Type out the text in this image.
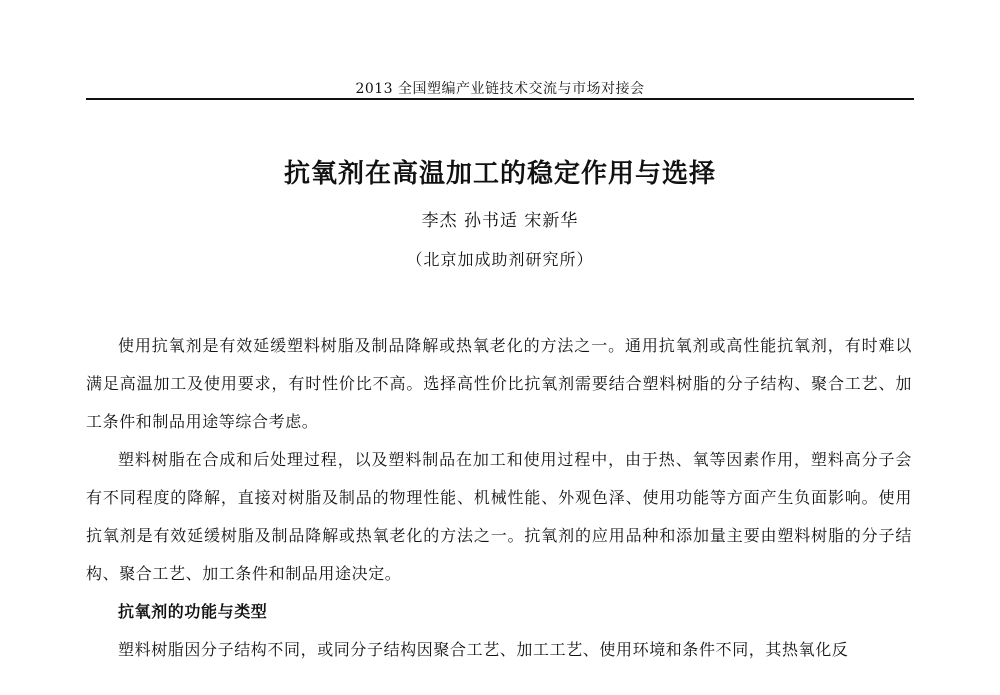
2013 全国塑编产业链技术交流与市场对接会
抗氧剂在高温加工的稳定作用与选择
李杰 孙书适 宋新华
（北京加成助剂研究所）

使用抗氧剂是有效延缓塑料树脂及制品降解或热氧老化的方法之一。通用抗氧剂或高性能抗氧剂，有时难以满足高温加工及使用要求，有时性价比不高。选择高性价比抗氧剂需要结合塑料树脂的分子结构、聚合工艺、加工条件和制品用途等综合考虑。

塑料树脂在合成和后处理过程，以及塑料制品在加工和使用过程中，由于热、氧等因素作用，塑料高分子会有不同程度的降解，直接对树脂及制品的物理性能、机械性能、外观色泽、使用功能等方面产生负面影响。使用抗氧剂是有效延缓树脂及制品降解或热氧老化的方法之一。抗氧剂的应用品种和添加量主要由塑料树脂的分子结构、聚合工艺、加工条件和制品用途决定。

抗氧剂的功能与类型

塑料树脂因分子结构不同，或同分子结构因聚合工艺、加工工艺、使用环境和条件不同，其热氧化反
